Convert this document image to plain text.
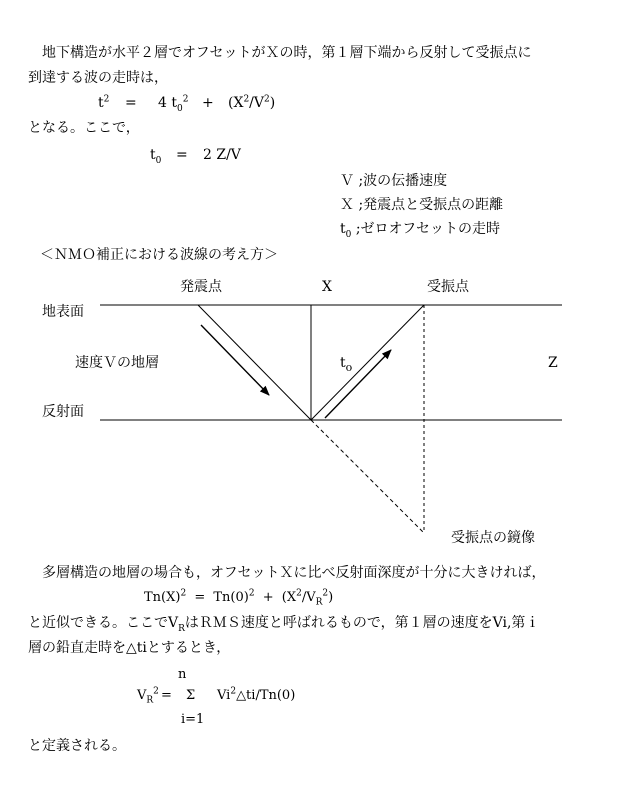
　地下構造が水平２層でオフセットがＸの時，第１層下端から反射して受振点に
到達する波の走時は，
$t^2 = 4$ $t_0^2 + (X^2/V^2)$
となる。ここで，
$t_0 = 2$ Z/V
Ｖ ;波の伝播速度
Ｘ ;発震点と受振点の距離
$t_0$ ;ゼロオフセットの走時
＜ＮＭＯ補正における波線の考え方＞
発震点	X	受振点
地表面
速度Ｖの地層	$t_o$	Z
反射面
受振点の鏡像
　多層構造の地層の場合も，オフセットＸに比べ反射面深度が十分に大きければ，
$Tn(X)^2 = Tn(0)^2 + (X^2/V_R^2)$
と近似できる。ここで$V_R$はＲＭＳ速度と呼ばれるもので，第１層の速度をVi,第ｉ
層の鉛直走時を△tiとするとき，
n
$V_R^2 = \Sigma$ Vi$^2$△ti/Tn(0)
i=1
と定義される。
